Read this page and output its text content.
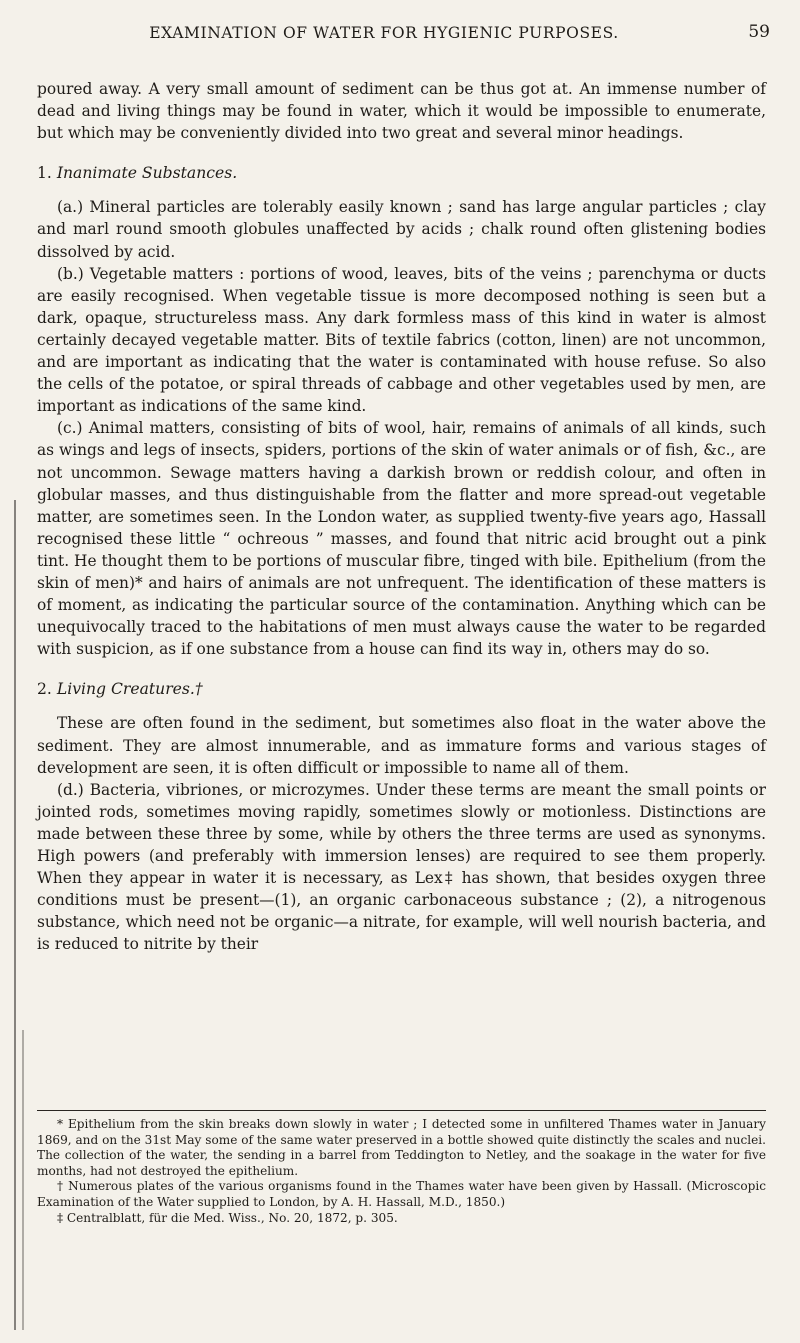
EXAMINATION OF WATER FOR HYGIENIC PURPOSES.	59

poured away. A very small amount of sediment can be thus got at. An immense number of dead and living things may be found in water, which it would be impossible to enumerate, but which may be conveniently divided into two great and several minor headings.

1. Inanimate Substances.

(a.) Mineral particles are tolerably easily known ; sand has large angular particles ; clay and marl round smooth globules unaffected by acids ; chalk round often glistening bodies dissolved by acid.

(b.) Vegetable matters : portions of wood, leaves, bits of the veins ; parenchyma or ducts are easily recognised. When vegetable tissue is more decomposed nothing is seen but a dark, opaque, structureless mass. Any dark formless mass of this kind in water is almost certainly decayed vegetable matter. Bits of textile fabrics (cotton, linen) are not uncommon, and are important as indicating that the water is contaminated with house refuse. So also the cells of the potatoe, or spiral threads of cabbage and other vegetables used by men, are important as indications of the same kind.

(c.) Animal matters, consisting of bits of wool, hair, remains of animals of all kinds, such as wings and legs of insects, spiders, portions of the skin of water animals or of fish, &c., are not uncommon. Sewage matters having a darkish brown or reddish colour, and often in globular masses, and thus distinguishable from the flatter and more spread-out vegetable matter, are sometimes seen. In the London water, as supplied twenty-five years ago, Hassall recognised these little “ ochreous ” masses, and found that nitric acid brought out a pink tint. He thought them to be portions of muscular fibre, tinged with bile. Epithelium (from the skin of men)* and hairs of animals are not unfrequent. The identification of these matters is of moment, as indicating the particular source of the contamination. Anything which can be unequivocally traced to the habitations of men must always cause the water to be regarded with suspicion, as if one substance from a house can find its way in, others may do so.

2. Living Creatures.†

These are often found in the sediment, but sometimes also float in the water above the sediment. They are almost innumerable, and as immature forms and various stages of development are seen, it is often difficult or impossible to name all of them.

(d.) Bacteria, vibriones, or microzymes. Under these terms are meant the small points or jointed rods, sometimes moving rapidly, sometimes slowly or motionless. Distinctions are made between these three by some, while by others the three terms are used as synonyms. High powers (and preferably with immersion lenses) are required to see them properly. When they appear in water it is necessary, as Lex‡ has shown, that besides oxygen three conditions must be present—(1), an organic carbonaceous substance ; (2), a nitrogenous substance, which need not be organic—a nitrate, for example, will well nourish bacteria, and is reduced to nitrite by their

* Epithelium from the skin breaks down slowly in water ; I detected some in unfiltered Thames water in January 1869, and on the 31st May some of the same water preserved in a bottle showed quite distinctly the scales and nuclei. The collection of the water, the sending in a barrel from Teddington to Netley, and the soakage in the water for five months, had not destroyed the epithelium.

† Numerous plates of the various organisms found in the Thames water have been given by Hassall. (Microscopic Examination of the Water supplied to London, by A. H. Hassall, M.D., 1850.)

‡ Centralblatt, für die Med. Wiss., No. 20, 1872, p. 305.
